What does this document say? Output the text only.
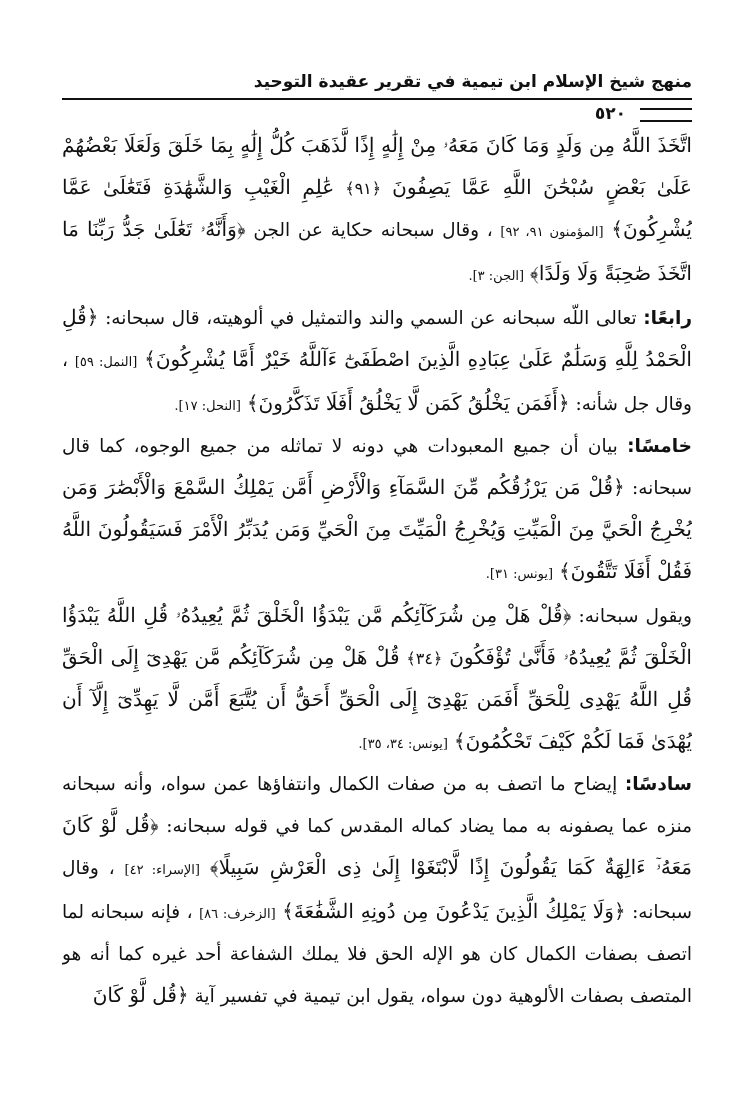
منهج شيخ الإسلام ابن تيمية في تقرير عقيدة التوحيد
٥٢٠

اتَّخَذَ اللَّهُ مِن وَلَدٍ وَمَا كَانَ مَعَهُۥ مِنْ إِلَٰهٍ إِذًا لَّذَهَبَ كُلُّ إِلَٰهٍ بِمَا خَلَقَ وَلَعَلَا بَعْضُهُمْ عَلَىٰ بَعْضٍ سُبْحَٰنَ اللَّهِ عَمَّا يَصِفُونَ ﴿٩١﴾ عَٰلِمِ الْغَيْبِ وَالشَّهَٰدَةِ فَتَعَٰلَىٰ عَمَّا يُشْرِكُونَ﴾ [المؤمنون ٩١، ٩٢] ، وقال سبحانه حكاية عن الجن ﴿وَأَنَّهُۥ تَعَٰلَىٰ جَدُّ رَبِّنَا مَا اتَّخَذَ صَٰحِبَةً وَلَا وَلَدًا﴾ [الجن: ٣].

رابعًا: تعالى اللّه سبحانه عن السمي والند والتمثيل في ألوهيته، قال سبحانه: ﴿قُلِ الْحَمْدُ لِلَّهِ وَسَلَٰمٌ عَلَىٰ عِبَادِهِ الَّذِينَ اصْطَفَىٰٓ ءَآللَّهُ خَيْرٌ أَمَّا يُشْرِكُونَ﴾ [النمل: ٥٩] ، وقال جل شأنه: ﴿أَفَمَن يَخْلُقُ كَمَن لَّا يَخْلُقُ أَفَلَا تَذَكَّرُونَ﴾ [النحل: ١٧].

خامسًا: بيان أن جميع المعبودات هي دونه لا تماثله من جميع الوجوه، كما قال سبحانه: ﴿قُلْ مَن يَرْزُقُكُم مِّنَ السَّمَآءِ وَالْأَرْضِ أَمَّن يَمْلِكُ السَّمْعَ وَالْأَبْصَٰرَ وَمَن يُخْرِجُ الْحَيَّ مِنَ الْمَيِّتِ وَيُخْرِجُ الْمَيِّتَ مِنَ الْحَيِّ وَمَن يُدَبِّرُ الْأَمْرَ فَسَيَقُولُونَ اللَّهُ فَقُلْ أَفَلَا تَتَّقُونَ﴾ [يونس: ٣١].

ويقول سبحانه: ﴿قُلْ هَلْ مِن شُرَكَآئِكُم مَّن يَبْدَؤُا الْخَلْقَ ثُمَّ يُعِيدُهُۥ قُلِ اللَّهُ يَبْدَؤُا الْخَلْقَ ثُمَّ يُعِيدُهُۥ فَأَنَّىٰ تُؤْفَكُونَ ﴿٣٤﴾ قُلْ هَلْ مِن شُرَكَآئِكُم مَّن يَهْدِىٓ إِلَى الْحَقِّ قُلِ اللَّهُ يَهْدِى لِلْحَقِّ أَفَمَن يَهْدِىٓ إِلَى الْحَقِّ أَحَقُّ أَن يُتَّبَعَ أَمَّن لَّا يَهِدِّىٓ إِلَّآ أَن يُهْدَىٰ فَمَا لَكُمْ كَيْفَ تَحْكُمُونَ﴾ [يونس: ٣٤، ٣٥].

سادسًا: إيضاح ما اتصف به من صفات الكمال وانتفاؤها عمن سواه، وأنه سبحانه منزه عما يصفونه به مما يضاد كماله المقدس كما في قوله سبحانه: ﴿قُل لَّوْ كَانَ مَعَهُۥٓ ءَالِهَةٌ كَمَا يَقُولُونَ إِذًا لَّابْتَغَوْا إِلَىٰ ذِى الْعَرْشِ سَبِيلًا﴾ [الإسراء: ٤٢] ، وقال سبحانه: ﴿وَلَا يَمْلِكُ الَّذِينَ يَدْعُونَ مِن دُونِهِ الشَّفَٰعَةَ﴾ [الزخرف: ٨٦] ، فإنه سبحانه لما اتصف بصفات الكمال كان هو الإله الحق فلا يملك الشفاعة أحد غيره كما أنه هو المتصف بصفات الألوهية دون سواه، يقول ابن تيمية في تفسير آية ﴿قُل لَّوْ كَانَ
